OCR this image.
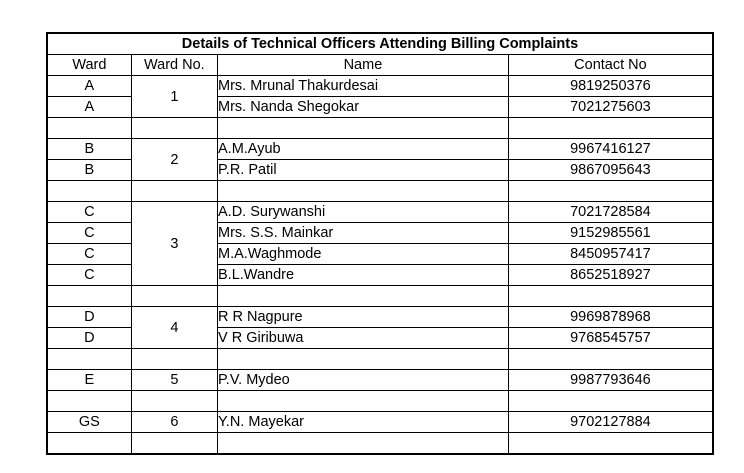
Details of Technical Officers Attending Billing Complaints			
Ward	Ward No.	Name	Contact No
A	1	Mrs. Mrunal Thakurdesai	9819250376
A		Mrs. Nanda Shegokar	7021275603

B	2	A.M.Ayub	9967416127
B		P.R. Patil	9867095643

C	3	A.D. Surywanshi	7021728584
C		Mrs. S.S. Mainkar	9152985561
C		M.A.Waghmode	8450957417
C		B.L.Wandre	8652518927

D	4	R R Nagpure	9969878968
D		V R Giribuwa	9768545757

E	5	P.V. Mydeo	9987793646

GS	6	Y.N. Mayekar	9702127884
